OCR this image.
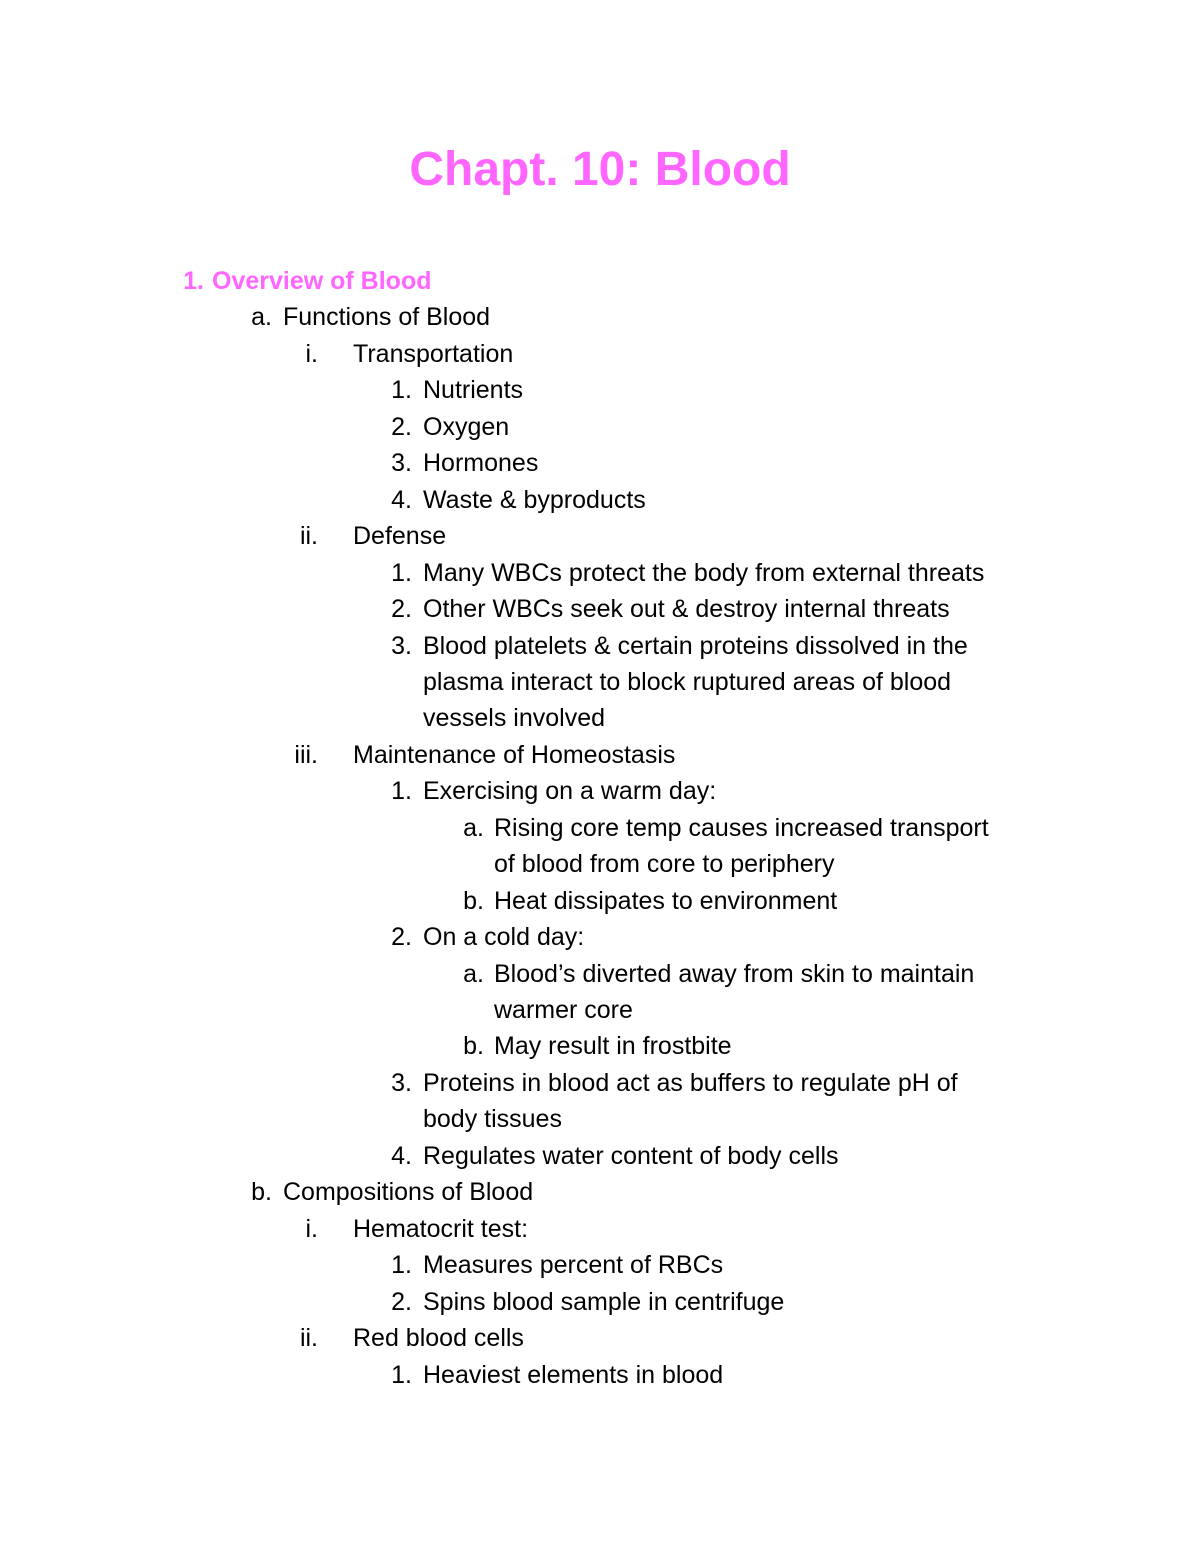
Chapt. 10: Blood
1. Overview of Blood
a. Functions of Blood
i. Transportation
1. Nutrients
2. Oxygen
3. Hormones
4. Waste & byproducts
ii. Defense
1. Many WBCs protect the body from external threats
2. Other WBCs seek out & destroy internal threats
3. Blood platelets & certain proteins dissolved in the
plasma interact to block ruptured areas of blood
vessels involved
iii. Maintenance of Homeostasis
1. Exercising on a warm day:
a. Rising core temp causes increased transport
of blood from core to periphery
b. Heat dissipates to environment
2. On a cold day:
a. Blood’s diverted away from skin to maintain
warmer core
b. May result in frostbite
3. Proteins in blood act as buffers to regulate pH of
body tissues
4. Regulates water content of body cells
b. Compositions of Blood
i. Hematocrit test:
1. Measures percent of RBCs
2. Spins blood sample in centrifuge
ii. Red blood cells
1. Heaviest elements in blood
